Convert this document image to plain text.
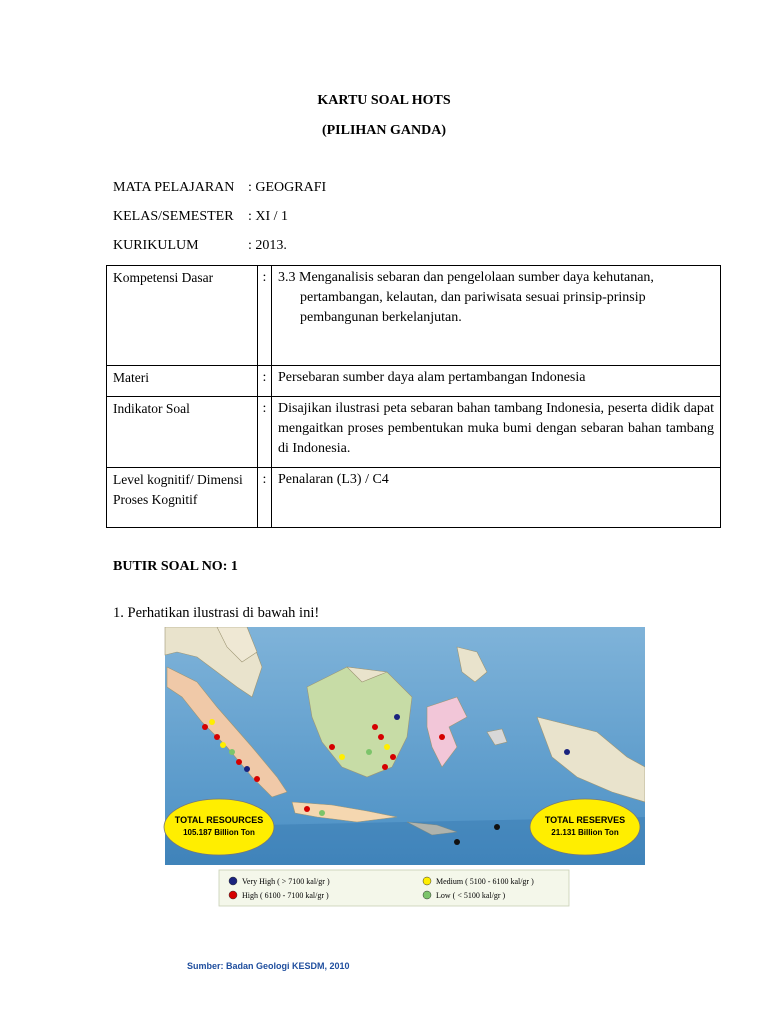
KARTU SOAL HOTS
(PILIHAN GANDA)
MATA PELAJARAN : GEOGRAFI
KELAS/SEMESTER : XI / 1
KURIKULUM	: 2013.
Kompetensi Dasar	:	3.3 Menganalisis sebaran dan pengelolaan sumber daya kehutanan, pertambangan, kelautan, dan pariwisata sesuai prinsip-prinsip pembangunan berkelanjutan.

Materi	:	Persebaran sumber daya alam pertambangan Indonesia
Indikator Soal	:	Disajikan ilustrasi peta sebaran bahan tambang Indonesia, peserta didik dapat mengaitkan proses pembentukan muka bumi dengan sebaran bahan tambang di Indonesia.
Level kognitif/ Dimensi Proses Kognitif	:	Penalaran (L3) / C4
BUTIR SOAL NO: 1
1. Perhatikan ilustrasi di bawah ini!
TOTAL RESOURCES
105.187 Billion Ton
TOTAL RESERVES
21.131 Billion Ton
Very High ( > 7100 kal/gr )
High ( 6100 - 7100 kal/gr )
Medium ( 5100 - 6100 kal/gr )
Low ( < 5100 kal/gr )
Sumber: Badan Geologi KESDM, 2010
